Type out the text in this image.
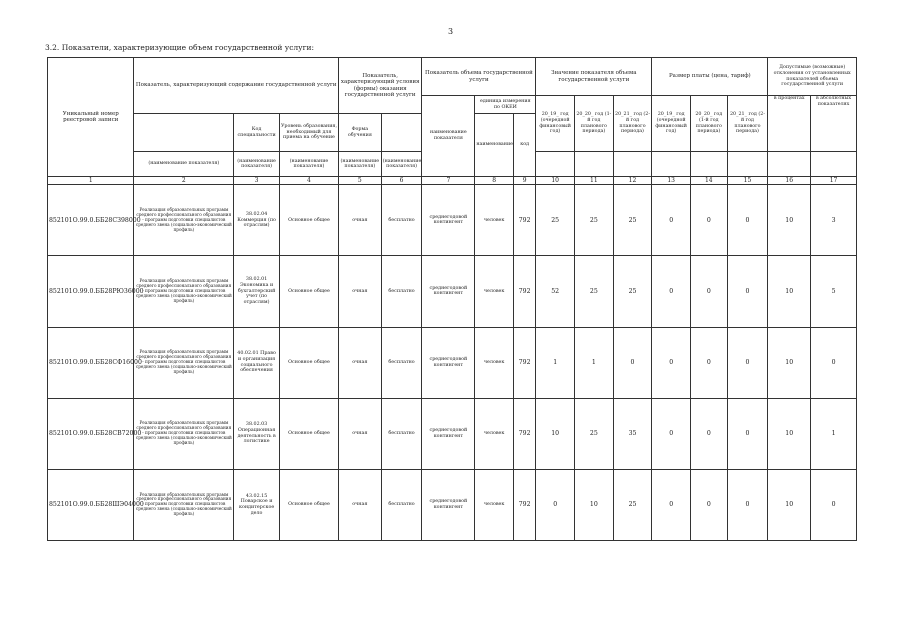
3
3.2. Показатели, характеризующие объем государственной услуги:
Уникальный номер реестровой записи	Показатель, характеризующий содержание государственной услуги			Показатель, характеризующий условия (формы) оказания государственной услуги		Показатель объема государственной услуги			Значение показателя объема государственной услуги			Размер платы (цена, тариф)			Допустимые (возможные) отклонения от установленных показателей объема государственной услуги	
						наименование показателя	единица измерения по ОКЕИ		20_19_ год (очередной финансовый год)	20_20_ год (1-й год планового периода)	20_21_ год (2-й год планового периода)	20_19_ год (очередной финансовый год)	20_20_ год (1-й год планового периода)	20_21_ год (2-й год планового периода)	в процентах	в абсолютных показателях
		Код специальности	Уровень образования, необходимый для приема на обучение	Форма обучения			наименование	код								
	(наименование показателя)	(наименование показателя)	(наименование показателя)	(наименование показателя)	(наименование показателя)											
1	2	3	4	5	6	7	8	9	10	11	12	13	14	15	16	17
852101О.99.0.ББ28СЗ98000	Реализация образовательных программ среднего профессионального образования - программ подготовки специалистов среднего звена (социально-экономический профиль)	38.02.04 Коммерция (по отраслям)	Основное общее	очная	бесплатно	среднегодовой контингент	человек	792	25	25	25	0	0	0	10	3
852101О.99.0.ББ28РЮ36000	Реализация образовательных программ среднего профессионального образования - программ подготовки специалистов среднего звена (социально-экономический профиль)	38.02.01 Экономика и бухгалтерский учет (по отраслям)	Основное общее	очная	бесплатно	среднегодовой контингент	человек	792	52	25	25	0	0	0	10	5
852101О.99.0.ББ28СФ16000	Реализация образовательных программ среднего профессионального образования - программ подготовки специалистов среднего звена (социально-экономический профиль)	40.02.01 Право и организация социального обеспечения	Основное общее	очная	бесплатно	среднегодовой контингент	человек	792	1	1	0	0	0	0	10	0
852101О.99.0.ББ28СВ72000	Реализация образовательных программ среднего профессионального образования - программ подготовки специалистов среднего звена (социально-экономический профиль)	38.02.03 Операционная деятельность в логистике	Основное общее	очная	бесплатно	среднегодовой контингент	человек	792	10	25	35	0	0	0	10	1
852101О.99.0.ББ28ШЭ04000	Реализация образовательных программ среднего профессионального образования - программ подготовки специалистов среднего звена (социально-экономический профиль)	43.02.15 Поварское и кондитерское дело	Основное общее	очная	бесплатно	среднегодовой контингент	человек	792	0	10	25	0	0	0	10	0
